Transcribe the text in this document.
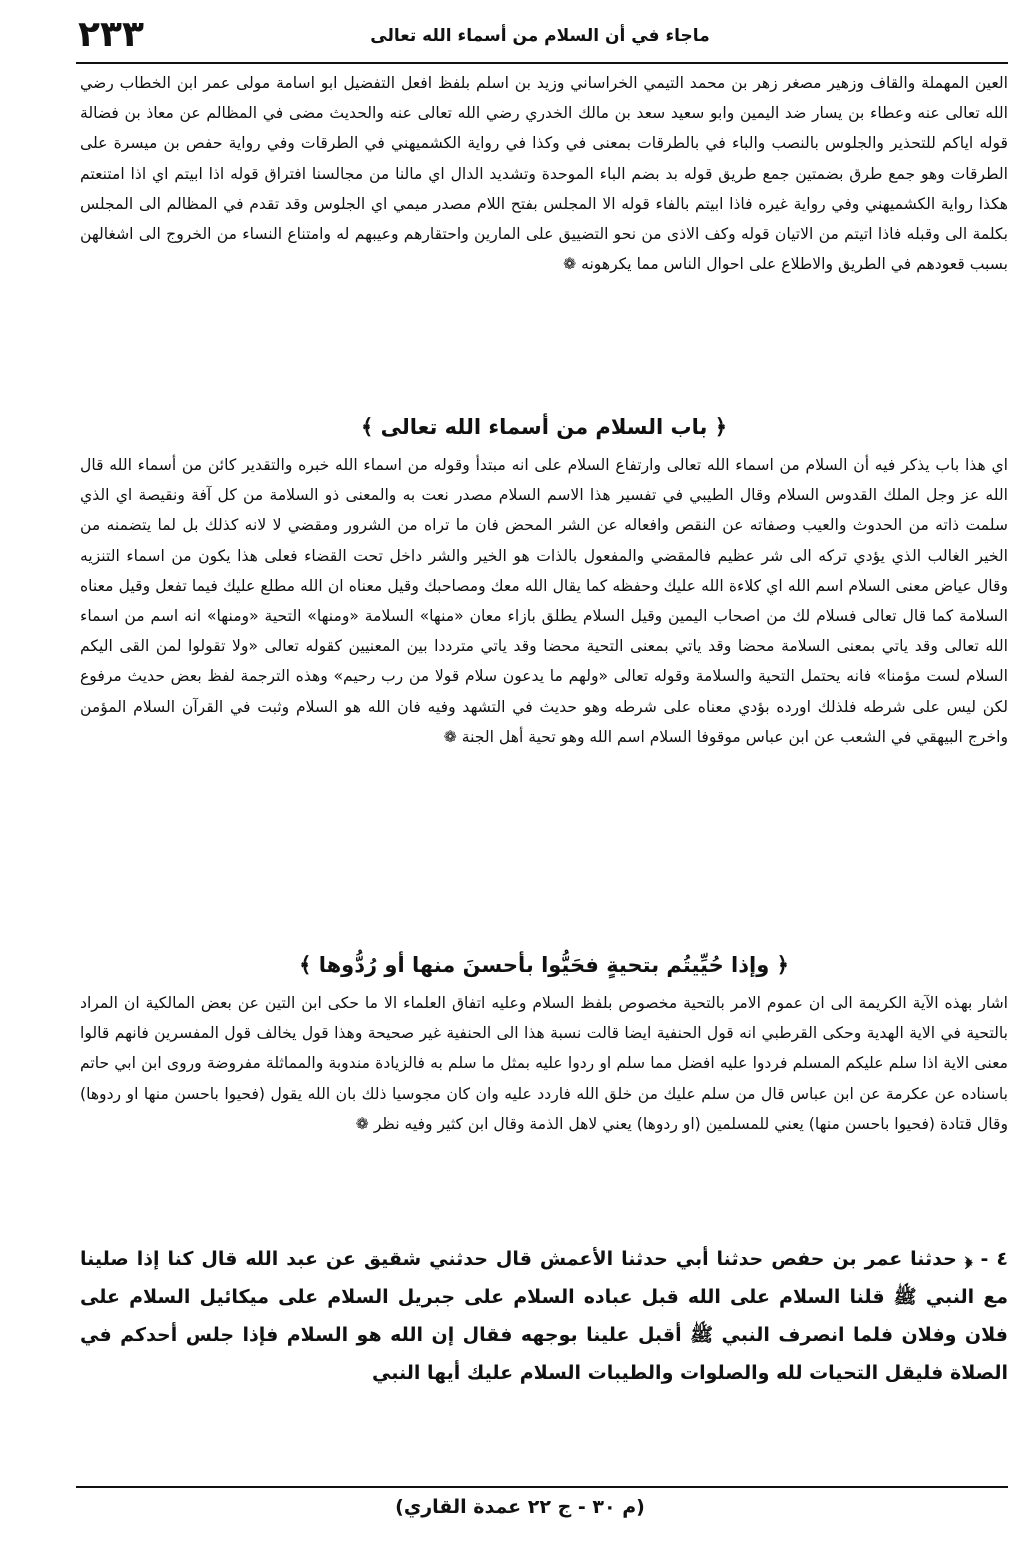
٢٣٣	ماجاء في أن السلام من أسماء الله تعالى

العين المهملة والقاف وزهير مصغر زهر بن محمد التيمي الخراساني وزيد بن اسلم بلفظ افعل التفضيل ابو اسامة مولى عمر ابن الخطاب رضي الله تعالى عنه وعطاء بن يسار ضد اليمين وابو سعيد سعد بن مالك الخدري رضي الله تعالى عنه والحديث مضى في المظالم عن معاذ بن فضالة قوله اياكم للتحذير والجلوس بالنصب والباء في بالطرقات بمعنى في وكذا في رواية الكشميهني في الطرقات وفي رواية حفص بن ميسرة على الطرقات وهو جمع طرق بضمتين جمع طريق قوله بد بضم الباء الموحدة وتشديد الدال اي مالنا من مجالسنا افتراق قوله اذا ابيتم اي اذا امتنعتم هكذا رواية الكشميهني وفي رواية غيره فاذا ابيتم بالفاء قوله الا المجلس بفتح اللام مصدر ميمي اي الجلوس وقد تقدم في المظالم الى المجلس بكلمة الى وقبله فاذا اتيتم من الاتيان قوله وكف الاذى من نحو التضييق على المارين واحتقارهم وعيبهم له وامتناع النساء من الخروج الى اشغالهن بسبب قعودهم في الطريق والاطلاع على احوال الناس مما يكرهونه ❁

﴿ باب السلام من أسماء الله تعالى ﴾

اي هذا باب يذكر فيه أن السلام من اسماء الله تعالى وارتفاع السلام على انه مبتدأ وقوله من اسماء الله خبره والتقدير كائن من أسماء الله قال الله عز وجل الملك القدوس السلام وقال الطيبي في تفسير هذا الاسم السلام مصدر نعت به والمعنى ذو السلامة من كل آفة ونقيصة اي الذي سلمت ذاته من الحدوث والعيب وصفاته عن النقص وافعاله عن الشر المحض فان ما تراه من الشرور ومقضي لا لانه كذلك بل لما يتضمنه من الخير الغالب الذي يؤدي تركه الى شر عظيم فالمقضي والمفعول بالذات هو الخير والشر داخل تحت القضاء فعلى هذا يكون من اسماء التنزيه وقال عياض معنى السلام اسم الله اي كلاءة الله عليك وحفظه كما يقال الله معك ومصاحبك وقيل معناه ان الله مطلع عليك فيما تفعل وقيل معناه السلامة كما قال تعالى فسلام لك من اصحاب اليمين وقيل السلام يطلق بازاء معان «منها» السلامة «ومنها» التحية «ومنها» انه اسم من اسماء الله تعالى وقد ياتي بمعنى السلامة محضا وقد ياتي بمعنى التحية محضا وقد ياتي مترددا بين المعنيين كقوله تعالى «ولا تقولوا لمن القى اليكم السلام لست مؤمنا» فانه يحتمل التحية والسلامة وقوله تعالى «ولهم ما يدعون سلام قولا من رب رحيم» وهذه الترجمة لفظ بعض حديث مرفوع لكن ليس على شرطه فلذلك اورده بؤدي معناه على شرطه وهو حديث في التشهد وفيه فان الله هو السلام وثبت في القرآن السلام المؤمن واخرج البيهقي في الشعب عن ابن عباس موقوفا السلام اسم الله وهو تحية أهل الجنة ❁

﴿ وإذا حُيِّيتُم بتحيةٍ فحَيُّوا بأحسنَ منها أو رُدُّوها ﴾

اشار بهذه الآية الكريمة الى ان عموم الامر بالتحية مخصوص بلفظ السلام وعليه اتفاق العلماء الا ما حكى ابن التين عن بعض المالكية ان المراد بالتحية في الاية الهدية وحكى القرطبي انه قول الحنفية ايضا قالت نسبة هذا الى الحنفية غير صحيحة وهذا قول يخالف قول المفسرين فانهم قالوا معنى الاية اذا سلم عليكم المسلم فردوا عليه افضل مما سلم او ردوا عليه بمثل ما سلم به فالزيادة مندوبة والمماثلة مفروضة وروى ابن ابي حاتم باسناده عن عكرمة عن ابن عباس قال من سلم عليك من خلق الله فاردد عليه وان كان مجوسيا ذلك بان الله يقول (فحيوا باحسن منها او ردوها) وقال قتادة (فحيوا باحسن منها) يعني للمسلمين (او ردوها) يعني لاهل الذمة وقال ابن كثير وفيه نظر ❁

٤ - ﴿ حدثنا عمر بن حفص حدثنا أبي حدثنا الأعمش قال حدثني شقيق عن عبد الله قال كنا إذا صلينا مع النبي ﷺ قلنا السلام على الله قبل عباده السلام على جبريل السلام على ميكائيل السلام على فلان وفلان فلما انصرف النبي ﷺ أقبل علينا بوجهه فقال إن الله هو السلام فإذا جلس أحدكم في الصلاة فليقل التحيات لله والصلوات والطيبات السلام عليك أيها النبي

(م ٣٠ - ج ٢٢ عمدة القاري)
